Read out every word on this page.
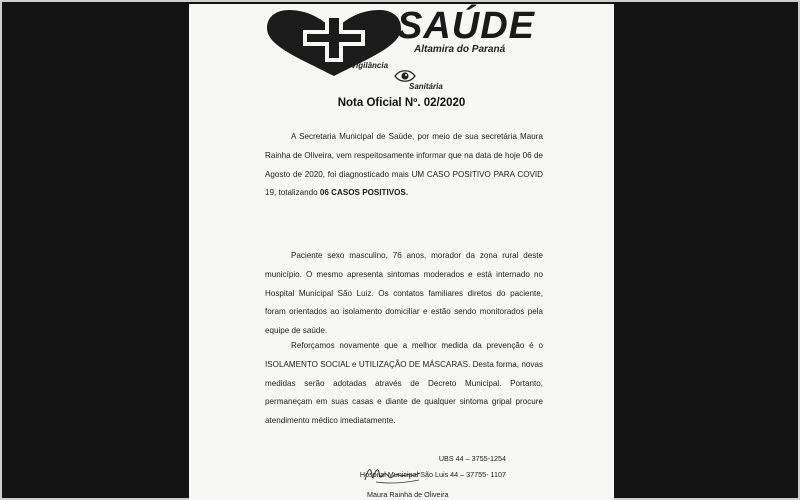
SAÚDE
Altamira do Paraná
Vigilância
Sanitária
Nota Oficial Nº. 02/2020

A Secretaria Municipal de Saúde, por meio de sua secretária Maura Rainha de Oliveira, vem respeitosamente informar que na data de hoje 06 de Agosto de 2020, foi diagnosticado mais UM CASO POSITIVO PARA COVID 19, totalizando 06 CASOS POSITIVOS.

Paciente sexo masculino, 76 anos, morador da zona rural deste município. O mesmo apresenta sintomas moderados e está internado no Hospital Municipal São Luiz. Os contatos familiares diretos do paciente, foram orientados ao isolamento domiciliar e estão sendo monitorados pela equipe de saúde.

Reforçamos novamente que a melhor medida da prevenção é o ISOLAMENTO SOCIAL e UTILIZAÇÃO DE MÁSCARAS. Desta forma, novas medidas serão adotadas através de Decreto Municipal. Portanto, permaneçam em suas casas e diante de qualquer sintoma gripal procure atendimento médico imediatamente.

UBS 44 – 3755-1254
Hospital Municipal São Luis 44 – 37755- 1107
Maura Rainha de Oliveira
